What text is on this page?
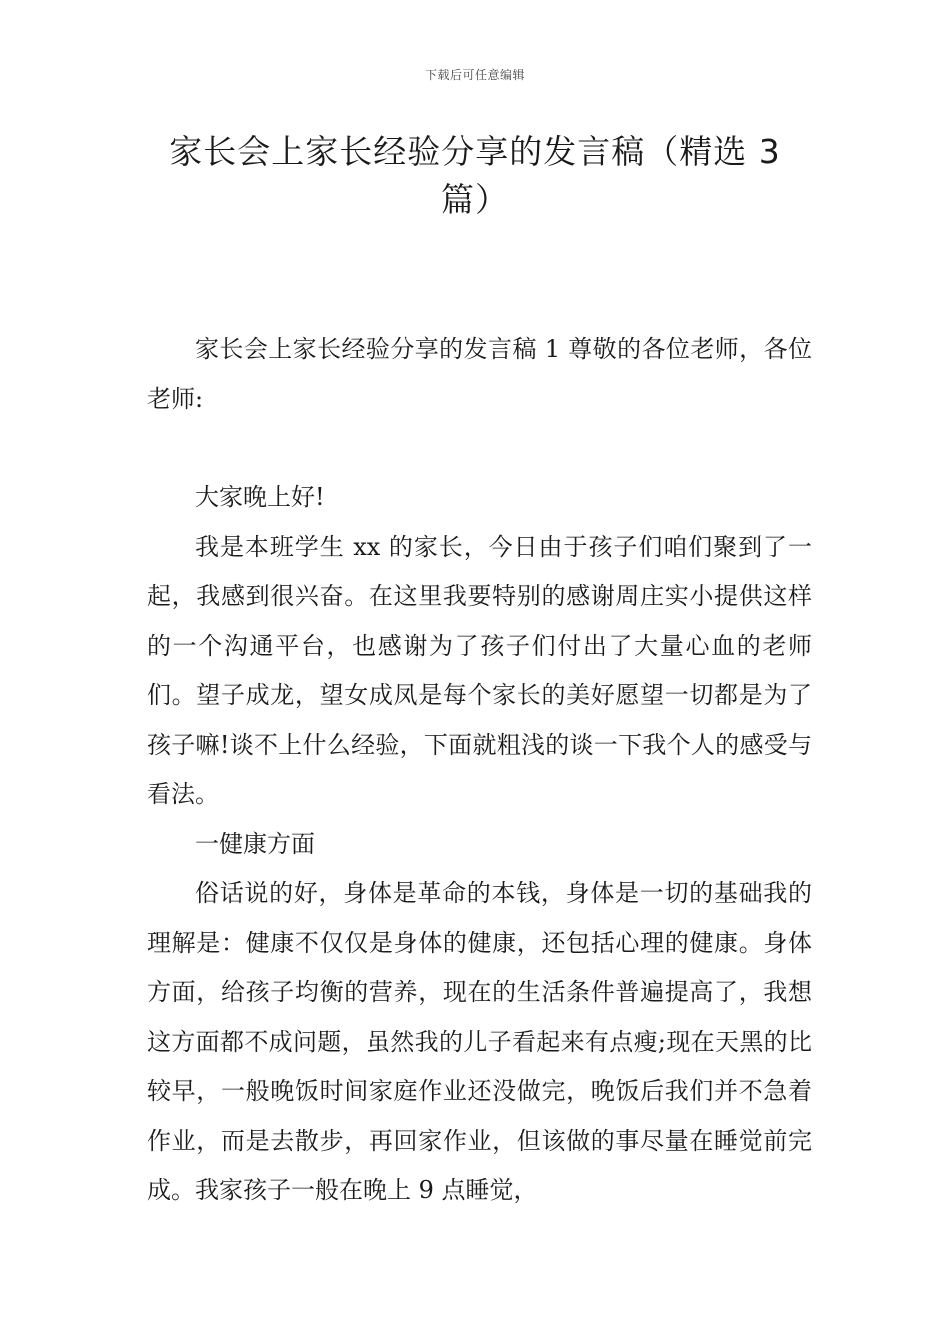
下载后可任意编辑
家长会上家长经验分享的发言稿（精选 3 篇）

家长会上家长经验分享的发言稿 1 尊敬的各位老师，各位老师:

大家晚上好!

我是本班学生 xx 的家长，今日由于孩子们咱们聚到了一起，我感到很兴奋。在这里我要特别的感谢周庄实小提供这样的一个沟通平台，也感谢为了孩子们付出了大量心血的老师们。望子成龙，望女成凤是每个家长的美好愿望一切都是为了孩子嘛!谈不上什么经验，下面就粗浅的谈一下我个人的感受与看法。

一健康方面

俗话说的好，身体是革命的本钱，身体是一切的基础我的理解是：健康不仅仅是身体的健康，还包括心理的健康。身体方面，给孩子均衡的营养，现在的生活条件普遍提高了，我想这方面都不成问题，虽然我的儿子看起来有点瘦;现在天黑的比较早，一般晚饭时间家庭作业还没做完，晚饭后我们并不急着作业，而是去散步，再回家作业，但该做的事尽量在睡觉前完成。我家孩子一般在晚上 9 点睡觉，
